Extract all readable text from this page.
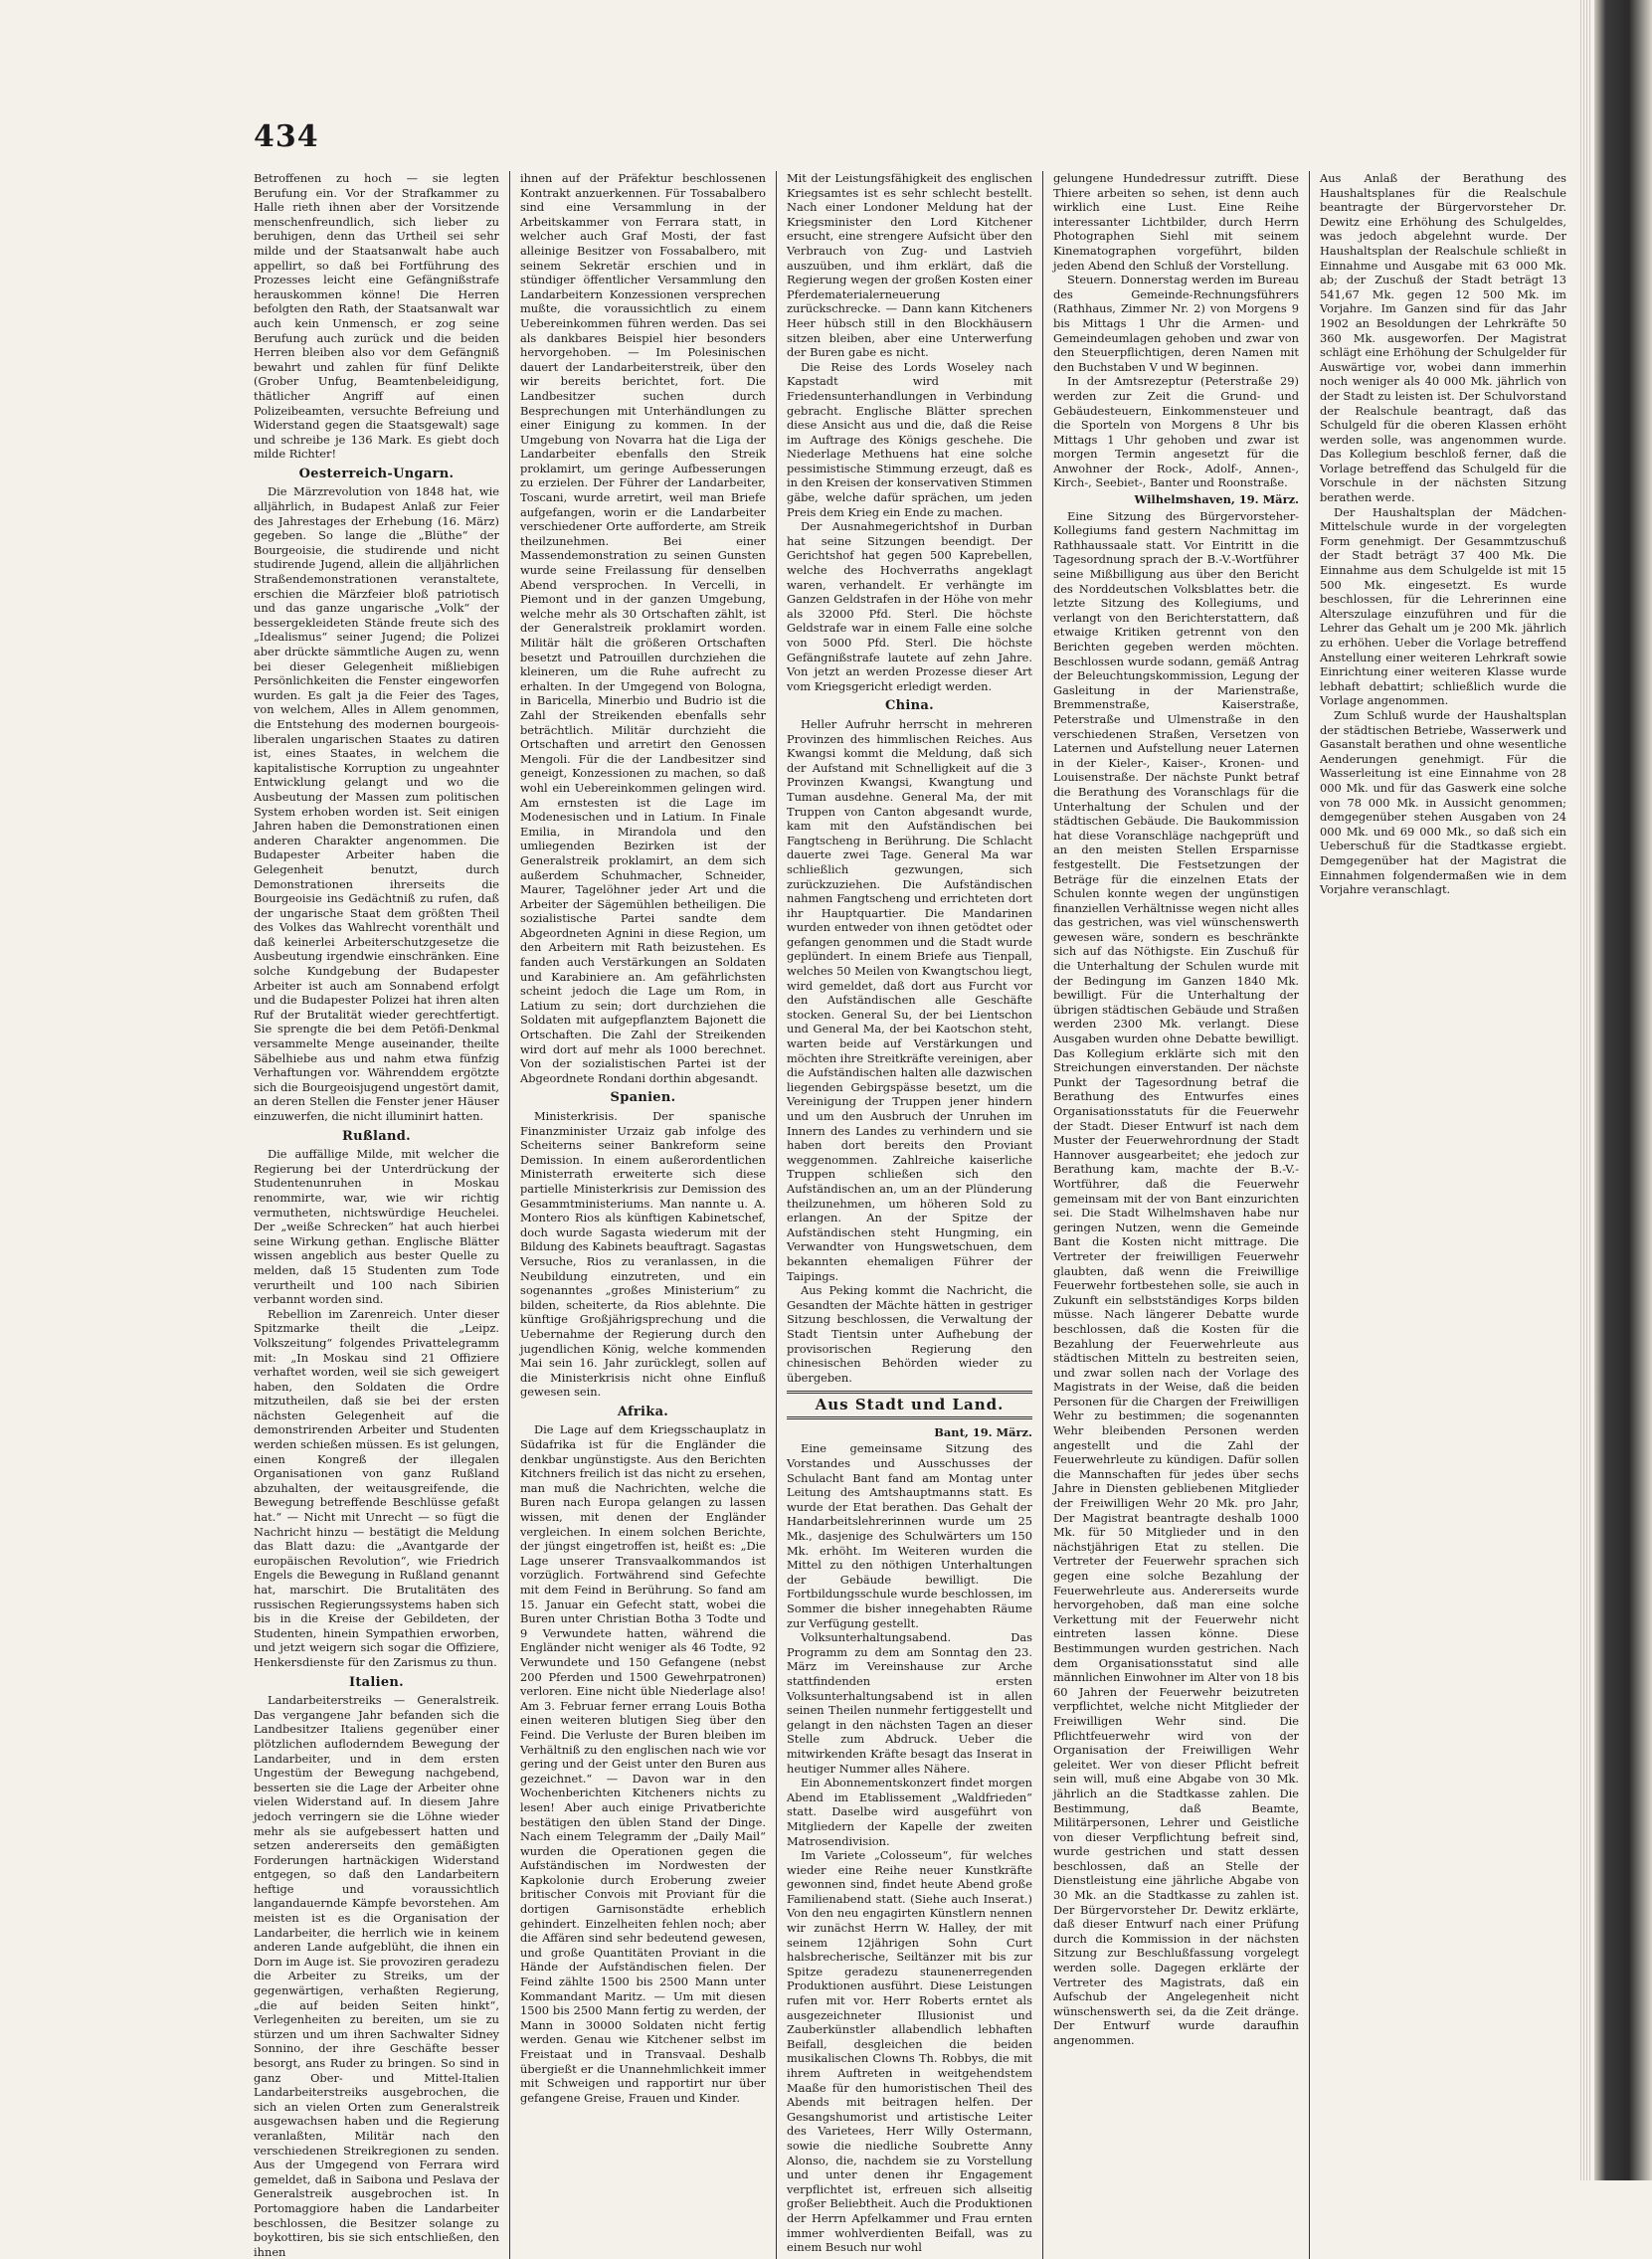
434

Betroffenen zu hoch — sie legten Berufung ein. Vor der Strafkammer zu Halle rieth ihnen aber der Vorsitzende menschenfreundlich, sich lieber zu beruhigen, denn das Urtheil sei sehr milde und der Staatsanwalt habe auch appellirt, so daß bei Fortführung des Prozesses leicht eine Gefängnißstrafe herauskommen könne! Die Herren befolgten den Rath, der Staatsanwalt war auch kein Unmensch, er zog seine Berufung auch zurück und die beiden Herren bleiben also vor dem Gefängniß bewahrt und zahlen für fünf Delikte (Grober Unfug, Beamtenbeleidigung, thätlicher Angriff auf einen Polizeibeamten, versuchte Befreiung und Widerstand gegen die Staatsgewalt) sage und schreibe je 136 Mark. Es giebt doch milde Richter!

Oesterreich-Ungarn.

Die Märzrevolution von 1848 hat, wie alljährlich, in Budapest Anlaß zur Feier des Jahrestages der Erhebung (16. März) gegeben. So lange die „Blüthe“ der Bourgeoisie, die studirende und nicht studirende Jugend, allein die alljährlichen Straßendemonstrationen veranstaltete, erschien die Märzfeier bloß patriotisch und das ganze ungarische „Volk“ der bessergekleideten Stände freute sich des „Idealismus“ seiner Jugend; die Polizei aber drückte sämmtliche Augen zu, wenn bei dieser Gelegenheit mißliebigen Persönlichkeiten die Fenster eingeworfen wurden. Es galt ja die Feier des Tages, von welchem, Alles in Allem genommen, die Entstehung des modernen bourgeois-liberalen ungarischen Staates zu datiren ist, eines Staates, in welchem die kapitalistische Korruption zu ungeahnter Entwicklung gelangt und wo die Ausbeutung der Massen zum politischen System erhoben worden ist. Seit einigen Jahren haben die Demonstrationen einen anderen Charakter angenommen. Die Budapester Arbeiter haben die Gelegenheit benutzt, durch Demonstrationen ihrerseits die Bourgeoisie ins Gedächtniß zu rufen, daß der ungarische Staat dem größten Theil des Volkes das Wahlrecht vorenthält und daß keinerlei Arbeiterschutzgesetze die Ausbeutung irgendwie einschränken. Eine solche Kundgebung der Budapester Arbeiter ist auch am Sonnabend erfolgt und die Budapester Polizei hat ihren alten Ruf der Brutalität wieder gerechtfertigt. Sie sprengte die bei dem Petöfi-Denkmal versammelte Menge auseinander, theilte Säbelhiebe aus und nahm etwa fünfzig Verhaftungen vor. Währenddem ergötzte sich die Bourgeoisjugend ungestört damit, an deren Stellen die Fenster jener Häuser einzuwerfen, die nicht illuminirt hatten.

Rußland.

Die auffällige Milde, mit welcher die Regierung bei der Unterdrückung der Studentenunruhen in Moskau renommirte, war, wie wir richtig vermutheten, nichtswürdige Heuchelei. Der „weiße Schrecken“ hat auch hierbei seine Wirkung gethan. Englische Blätter wissen angeblich aus bester Quelle zu melden, daß 15 Studenten zum Tode verurtheilt und 100 nach Sibirien verbannt worden sind.

Rebellion im Zarenreich. Unter dieser Spitzmarke theilt die „Leipz. Volkszeitung“ folgendes Privattelegramm mit: „In Moskau sind 21 Offiziere verhaftet worden, weil sie sich geweigert haben, den Soldaten die Ordre mitzutheilen, daß sie bei der ersten nächsten Gelegenheit auf die demonstrirenden Arbeiter und Studenten werden schießen müssen. Es ist gelungen, einen Kongreß der illegalen Organisationen von ganz Rußland abzuhalten, der weitausgreifende, die Bewegung betreffende Beschlüsse gefaßt hat.“ — Nicht mit Unrecht — so fügt die Nachricht hinzu — bestätigt die Meldung das Blatt dazu: die „Avantgarde der europäischen Revolution“, wie Friedrich Engels die Bewegung in Rußland genannt hat, marschirt. Die Brutalitäten des russischen Regierungssystems haben sich bis in die Kreise der Gebildeten, der Studenten, hinein Sympathien erworben, und jetzt weigern sich sogar die Offiziere, Henkersdienste für den Zarismus zu thun.

Italien.

Landarbeiterstreiks — Generalstreik. Das vergangene Jahr befanden sich die Landbesitzer Italiens gegenüber einer plötzlichen aufloderndem Bewegung der Landarbeiter, und in dem ersten Ungestüm der Bewegung nachgebend, besserten sie die Lage der Arbeiter ohne vielen Widerstand auf. In diesem Jahre jedoch verringern sie die Löhne wieder mehr als sie aufgebessert hatten und setzen andererseits den gemäßigten Forderungen hartnäckigen Widerstand entgegen, so daß den Landarbeitern heftige und voraussichtlich langandauernde Kämpfe bevorstehen. Am meisten ist es die Organisation der Landarbeiter, die herrlich wie in keinem anderen Lande aufgeblüht, die ihnen ein Dorn im Auge ist. Sie provoziren geradezu die Arbeiter zu Streiks, um der gegenwärtigen, verhaßten Regierung, „die auf beiden Seiten hinkt“, Verlegenheiten zu bereiten, um sie zu stürzen und um ihren Sachwalter Sidney Sonnino, der ihre Geschäfte besser besorgt, ans Ruder zu bringen. So sind in ganz Ober- und Mittel-Italien Landarbeiterstreiks ausgebrochen, die sich an vielen Orten zum Generalstreik ausgewachsen haben und die Regierung veranlaßten, Militär nach den verschiedenen Streikregionen zu senden. Aus der Umgegend von Ferrara wird gemeldet, daß in Saibona und Peslava der Generalstreik ausgebrochen ist. In Portomaggiore haben die Landarbeiter beschlossen, die Besitzer solange zu boykottiren, bis sie sich entschließen, den ihnen

ihnen auf der Präfektur beschlossenen Kontrakt anzuerkennen. Für Tossabalbero sind eine Versammlung in der Arbeitskammer von Ferrara statt, in welcher auch Graf Mosti, der fast alleinige Besitzer von Fossabalbero, mit seinem Sekretär erschien und in stündiger öffentlicher Versammlung den Landarbeitern Konzessionen versprechen mußte, die voraussichtlich zu einem Uebereinkommen führen werden. Das sei als dankbares Beispiel hier besonders hervorgehoben. — Im Polesinischen dauert der Landarbeiterstreik, über den wir bereits berichtet, fort. Die Landbesitzer suchen durch Besprechungen mit Unterhändlungen zu einer Einigung zu kommen. In der Umgebung von Novarra hat die Liga der Landarbeiter ebenfalls den Streik proklamirt, um geringe Aufbesserungen zu erzielen. Der Führer der Landarbeiter, Toscani, wurde arretirt, weil man Briefe aufgefangen, worin er die Landarbeiter verschiedener Orte aufforderte, am Streik theilzunehmen. Bei einer Massendemonstration zu seinen Gunsten wurde seine Freilassung für denselben Abend versprochen. In Vercelli, in Piemont und in der ganzen Umgebung, welche mehr als 30 Ortschaften zählt, ist der Generalstreik proklamirt worden. Militär hält die größeren Ortschaften besetzt und Patrouillen durchziehen die kleineren, um die Ruhe aufrecht zu erhalten. In der Umgegend von Bologna, in Baricella, Minerbio und Budrio ist die Zahl der Streikenden ebenfalls sehr beträchtlich. Militär durchzieht die Ortschaften und arretirt den Genossen Mengoli. Für die der Landbesitzer sind geneigt, Konzessionen zu machen, so daß wohl ein Uebereinkommen gelingen wird. Am ernstesten ist die Lage im Modenesischen und in Latium. In Finale Emilia, in Mirandola und den umliegenden Bezirken ist der Generalstreik proklamirt, an dem sich außerdem Schuhmacher, Schneider, Maurer, Tagelöhner jeder Art und die Arbeiter der Sägemühlen betheiligen. Die sozialistische Partei sandte dem Abgeordneten Agnini in diese Region, um den Arbeitern mit Rath beizustehen. Es fanden auch Verstärkungen an Soldaten und Karabiniere an. Am gefährlichsten scheint jedoch die Lage um Rom, in Latium zu sein; dort durchziehen die Soldaten mit aufgepflanztem Bajonett die Ortschaften. Die Zahl der Streikenden wird dort auf mehr als 1000 berechnet. Von der sozialistischen Partei ist der Abgeordnete Rondani dorthin abgesandt.

Spanien.

Ministerkrisis. Der spanische Finanzminister Urzaiz gab infolge des Scheiterns seiner Bankreform seine Demission. In einem außerordentlichen Ministerrath erweiterte sich diese partielle Ministerkrisis zur Demission des Gesammtministeriums. Man nannte u. A. Montero Rios als künftigen Kabinetschef, doch wurde Sagasta wiederum mit der Bildung des Kabinets beauftragt. Sagastas Versuche, Rios zu veranlassen, in die Neubildung einzutreten, und ein sogenanntes „großes Ministerium“ zu bilden, scheiterte, da Rios ablehnte. Die künftige Großjährigsprechung und die Uebernahme der Regierung durch den jugendlichen König, welche kommenden Mai sein 16. Jahr zurücklegt, sollen auf die Ministerkrisis nicht ohne Einfluß gewesen sein.

Afrika.

Die Lage auf dem Kriegsschauplatz in Südafrika ist für die Engländer die denkbar ungünstigste. Aus den Berichten Kitchners freilich ist das nicht zu ersehen, man muß die Nachrichten, welche die Buren nach Europa gelangen zu lassen wissen, mit denen der Engländer vergleichen. In einem solchen Berichte, der jüngst eingetroffen ist, heißt es: „Die Lage unserer Transvaalkommandos ist vorzüglich. Fortwährend sind Gefechte mit dem Feind in Berührung. So fand am 15. Januar ein Gefecht statt, wobei die Buren unter Christian Botha 3 Todte und 9 Verwundete hatten, während die Engländer nicht weniger als 46 Todte, 92 Verwundete und 150 Gefangene (nebst 200 Pferden und 1500 Gewehrpatronen) verloren. Eine nicht üble Niederlage also! Am 3. Februar ferner errang Louis Botha einen weiteren blutigen Sieg über den Feind. Die Verluste der Buren bleiben im Verhältniß zu den englischen nach wie vor gering und der Geist unter den Buren aus gezeichnet.“ — Davon war in den Wochenberichten Kitcheners nichts zu lesen! Aber auch einige Privatberichte bestätigen den üblen Stand der Dinge. Nach einem Telegramm der „Daily Mail“ wurden die Operationen gegen die Aufständischen im Nordwesten der Kapkolonie durch Eroberung zweier britischer Convois mit Proviant für die dortigen Garnisonstädte erheblich gehindert. Einzelheiten fehlen noch; aber die Affären sind sehr bedeutend gewesen, und große Quantitäten Proviant in die Hände der Aufständischen fielen. Der Feind zählte 1500 bis 2500 Mann unter Kommandant Maritz. — Um mit diesen 1500 bis 2500 Mann fertig zu werden, der Mann in 30000 Soldaten nicht fertig werden. Genau wie Kitchener selbst im Freistaat und in Transvaal. Deshalb übergießt er die Unannehmlichkeit immer mit Schweigen und rapportirt nur über gefangene Greise, Frauen und Kinder.

Mit der Leistungsfähigkeit des englischen Kriegsamtes ist es sehr schlecht bestellt. Nach einer Londoner Meldung hat der Kriegsminister den Lord Kitchener ersucht, eine strengere Aufsicht über den Verbrauch von Zug- und Lastvieh auszuüben, und ihm erklärt, daß die Regierung wegen der großen Kosten einer Pferdematerialerneuerung zurückschrecke. — Dann kann Kitcheners Heer hübsch still in den Blockhäusern sitzen bleiben, aber eine Unterwerfung der Buren gabe es nicht.

Die Reise des Lords Woseley nach Kapstadt wird mit Friedensunterhandlungen in Verbindung gebracht. Englische Blätter sprechen diese Ansicht aus und die, daß die Reise im Auftrage des Königs geschehe. Die Niederlage Methuens hat eine solche pessimistische Stimmung erzeugt, daß es in den Kreisen der konservativen Stimmen gäbe, welche dafür sprächen, um jeden Preis dem Krieg ein Ende zu machen.

Der Ausnahmegerichtshof in Durban hat seine Sitzungen beendigt. Der Gerichtshof hat gegen 500 Kaprebellen, welche des Hochverraths angeklagt waren, verhandelt. Er verhängte im Ganzen Geldstrafen in der Höhe von mehr als 32000 Pfd. Sterl. Die höchste Geldstrafe war in einem Falle eine solche von 5000 Pfd. Sterl. Die höchste Gefängnißstrafe lautete auf zehn Jahre. Von jetzt an werden Prozesse dieser Art vom Kriegsgericht erledigt werden.

China.

Heller Aufruhr herrscht in mehreren Provinzen des himmlischen Reiches. Aus Kwangsi kommt die Meldung, daß sich der Aufstand mit Schnelligkeit auf die 3 Provinzen Kwangsi, Kwangtung und Tuman ausdehne. General Ma, der mit Truppen von Canton abgesandt wurde, kam mit den Aufständischen bei Fangtscheng in Berührung. Die Schlacht dauerte zwei Tage. General Ma war schließlich gezwungen, sich zurückzuziehen. Die Aufständischen nahmen Fangtscheng und errichteten dort ihr Hauptquartier. Die Mandarinen wurden entweder von ihnen getödtet oder gefangen genommen und die Stadt wurde geplündert. In einem Briefe aus Tienpall, welches 50 Meilen von Kwangtschou liegt, wird gemeldet, daß dort aus Furcht vor den Aufständischen alle Geschäfte stocken. General Su, der bei Lientschon und General Ma, der bei Kaotschon steht, warten beide auf Verstärkungen und möchten ihre Streitkräfte vereinigen, aber die Aufständischen halten alle dazwischen liegenden Gebirgspässe besetzt, um die Vereinigung der Truppen jener hindern und um den Ausbruch der Unruhen im Innern des Landes zu verhindern und sie haben dort bereits den Proviant weggenommen. Zahlreiche kaiserliche Truppen schließen sich den Aufständischen an, um an der Plünderung theilzunehmen, um höheren Sold zu erlangen. An der Spitze der Aufständischen steht Hungming, ein Verwandter von Hungswetschuen, dem bekannten ehemaligen Führer der Taipings.

Aus Peking kommt die Nachricht, die Gesandten der Mächte hätten in gestriger Sitzung beschlossen, die Verwaltung der Stadt Tientsin unter Aufhebung der provisorischen Regierung den chinesischen Behörden wieder zu übergeben.

Aus Stadt und Land.
Bant, 19. März.

Eine gemeinsame Sitzung des Vorstandes und Ausschusses der Schulacht Bant fand am Montag unter Leitung des Amtshauptmanns statt. Es wurde der Etat berathen. Das Gehalt der Handarbeitslehrerinnen wurde um 25 Mk., dasjenige des Schulwärters um 150 Mk. erhöht. Im Weiteren wurden die Mittel zu den nöthigen Unterhaltungen der Gebäude bewilligt. Die Fortbildungsschule wurde beschlossen, im Sommer die bisher innegehabten Räume zur Verfügung gestellt.

Volksunterhaltungsabend. Das Programm zu dem am Sonntag den 23. März im Vereinshause zur Arche stattfindenden ersten Volksunterhaltungsabend ist in allen seinen Theilen nunmehr fertiggestellt und gelangt in den nächsten Tagen an dieser Stelle zum Abdruck. Ueber die mitwirkenden Kräfte besagt das Inserat in heutiger Nummer alles Nähere.

Ein Abonnementskonzert findet morgen Abend im Etablissement „Waldfrieden“ statt. Daselbe wird ausgeführt von Mitgliedern der Kapelle der zweiten Matrosendivision.

Im Variete „Colosseum“, für welches wieder eine Reihe neuer Kunstkräfte gewonnen sind, findet heute Abend große Familienabend statt. (Siehe auch Inserat.) Von den neu engagirten Künstlern nennen wir zunächst Herrn W. Halley, der mit seinem 12jährigen Sohn Curt halsbrecherische, Seiltänzer mit bis zur Spitze geradezu staunenerregenden Produktionen ausführt. Diese Leistungen rufen mit vor. Herr Roberts erntet als ausgezeichneter Illusionist und Zauberkünstler allabendlich lebhaften Beifall, desgleichen die beiden musikalischen Clowns Th. Robbys, die mit ihrem Auftreten in weitgehendstem Maaße für den humoristischen Theil des Abends mit beitragen helfen. Der Gesangshumorist und artistische Leiter des Varietees, Herr Willy Ostermann, sowie die niedliche Soubrette Anny Alonso, die, nachdem sie zu Vorstellung und unter denen ihr Engagement verpflichtet ist, erfreuen sich allseitig großer Beliebtheit. Auch die Produktionen der Herrn Apfelkammer und Frau ernten immer wohlverdienten Beifall, was zu einem Besuch nur wohl

gelungene Hundedressur zutrifft. Diese Thiere arbeiten so sehen, ist denn auch wirklich eine Lust. Eine Reihe interessanter Lichtbilder, durch Herrn Photographen Siehl mit seinem Kinematographen vorgeführt, bilden jeden Abend den Schluß der Vorstellung.

Steuern. Donnerstag werden im Bureau des Gemeinde-Rechnungsführers (Rathhaus, Zimmer Nr. 2) von Morgens 9 bis Mittags 1 Uhr die Armen- und Gemeindeumlagen gehoben und zwar von den Steuerpflichtigen, deren Namen mit den Buchstaben V und W beginnen.

In der Amtsrezeptur (Peterstraße 29) werden zur Zeit die Grund- und Gebäudesteuern, Einkommensteuer und die Sporteln von Morgens 8 Uhr bis Mittags 1 Uhr gehoben und zwar ist morgen Termin angesetzt für die Anwohner der Rock-, Adolf-, Annen-, Kirch-, Seebiet-, Banter und Roonstraße.

Wilhelmshaven, 19. März.

Eine Sitzung des Bürgervorsteher-Kollegiums fand gestern Nachmittag im Rathhaussaale statt. Vor Eintritt in die Tagesordnung sprach der B.-V.-Wortführer seine Mißbilligung aus über den Bericht des Norddeutschen Volksblattes betr. die letzte Sitzung des Kollegiums, und verlangt von den Berichterstattern, daß etwaige Kritiken getrennt von den Berichten gegeben werden möchten. Beschlossen wurde sodann, gemäß Antrag der Beleuchtungskommission, Legung der Gasleitung in der Marienstraße, Bremmenstraße, Kaiserstraße, Peterstraße und Ulmenstraße in den verschiedenen Straßen, Versetzen von Laternen und Aufstellung neuer Laternen in der Kieler-, Kaiser-, Kronen- und Louisenstraße. Der nächste Punkt betraf die Berathung des Voranschlags für die Unterhaltung der Schulen und der städtischen Gebäude. Die Baukommission hat diese Voranschläge nachgeprüft und an den meisten Stellen Ersparnisse festgestellt. Die Festsetzungen der Beträge für die einzelnen Etats der Schulen konnte wegen der ungünstigen finanziellen Verhältnisse wegen nicht alles das gestrichen, was viel wünschenswerth gewesen wäre, sondern es beschränkte sich auf das Nöthigste. Ein Zuschuß für die Unterhaltung der Schulen wurde mit der Bedingung im Ganzen 1840 Mk. bewilligt. Für die Unterhaltung der übrigen städtischen Gebäude und Straßen werden 2300 Mk. verlangt. Diese Ausgaben wurden ohne Debatte bewilligt. Das Kollegium erklärte sich mit den Streichungen einverstanden. Der nächste Punkt der Tagesordnung betraf die Berathung des Entwurfes eines Organisationsstatuts für die Feuerwehr der Stadt. Dieser Entwurf ist nach dem Muster der Feuerwehrordnung der Stadt Hannover ausgearbeitet; ehe jedoch zur Berathung kam, machte der B.-V.-Wortführer, daß die Feuerwehr gemeinsam mit der von Bant einzurichten sei. Die Stadt Wilhelmshaven habe nur geringen Nutzen, wenn die Gemeinde Bant die Kosten nicht mittrage. Die Vertreter der freiwilligen Feuerwehr glaubten, daß wenn die Freiwillige Feuerwehr fortbestehen solle, sie auch in Zukunft ein selbstständiges Korps bilden müsse. Nach längerer Debatte wurde beschlossen, daß die Kosten für die Bezahlung der Feuerwehrleute aus städtischen Mitteln zu bestreiten seien, und zwar sollen nach der Vorlage des Magistrats in der Weise, daß die beiden Personen für die Chargen der Freiwilligen Wehr zu bestimmen; die sogenannten Wehr bleibenden Personen werden angestellt und die Zahl der Feuerwehrleute zu kündigen. Dafür sollen die Mannschaften für jedes über sechs Jahre in Diensten gebliebenen Mitglieder der Freiwilligen Wehr 20 Mk. pro Jahr, Der Magistrat beantragte deshalb 1000 Mk. für 50 Mitglieder und in den nächstjährigen Etat zu stellen. Die Vertreter der Feuerwehr sprachen sich gegen eine solche Bezahlung der Feuerwehrleute aus. Andererseits wurde hervorgehoben, daß man eine solche Verkettung mit der Feuerwehr nicht eintreten lassen könne. Diese Bestimmungen wurden gestrichen. Nach dem Organisationsstatut sind alle männlichen Einwohner im Alter von 18 bis 60 Jahren der Feuerwehr beizutreten verpflichtet, welche nicht Mitglieder der Freiwilligen Wehr sind. Die Pflichtfeuerwehr wird von der Organisation der Freiwilligen Wehr geleitet. Wer von dieser Pflicht befreit sein will, muß eine Abgabe von 30 Mk. jährlich an die Stadtkasse zahlen. Die Bestimmung, daß Beamte, Militärpersonen, Lehrer und Geistliche von dieser Verpflichtung befreit sind, wurde gestrichen und statt dessen beschlossen, daß an Stelle der Dienstleistung eine jährliche Abgabe von 30 Mk. an die Stadtkasse zu zahlen ist. Der Bürgervorsteher Dr. Dewitz erklärte, daß dieser Entwurf nach einer Prüfung durch die Kommission in der nächsten Sitzung zur Beschlußfassung vorgelegt werden solle. Dagegen erklärte der Vertreter des Magistrats, daß ein Aufschub der Angelegenheit nicht wünschenswerth sei, da die Zeit dränge. Der Entwurf wurde daraufhin angenommen.

Aus Anlaß der Berathung des Haushaltsplanes für die Realschule beantragte der Bürgervorsteher Dr. Dewitz eine Erhöhung des Schulgeldes, was jedoch abgelehnt wurde. Der Haushaltsplan der Realschule schließt in Einnahme und Ausgabe mit 63 000 Mk. ab; der Zuschuß der Stadt beträgt 13 541,67 Mk. gegen 12 500 Mk. im Vorjahre. Im Ganzen sind für das Jahr 1902 an Besoldungen der Lehrkräfte 50 360 Mk. ausgeworfen. Der Magistrat schlägt eine Erhöhung der Schulgelder für Auswärtige vor, wobei dann immerhin noch weniger als 40 000 Mk. jährlich von der Stadt zu leisten ist. Der Schulvorstand der Realschule beantragt, daß das Schulgeld für die oberen Klassen erhöht werden solle, was angenommen wurde. Das Kollegium beschloß ferner, daß die Vorlage betreffend das Schulgeld für die Vorschule in der nächsten Sitzung berathen werde.

Der Haushaltsplan der Mädchen-Mittelschule wurde in der vorgelegten Form genehmigt. Der Gesammtzuschuß der Stadt beträgt 37 400 Mk. Die Einnahme aus dem Schulgelde ist mit 15 500 Mk. eingesetzt. Es wurde beschlossen, für die Lehrerinnen eine Alterszulage einzuführen und für die Lehrer das Gehalt um je 200 Mk. jährlich zu erhöhen. Ueber die Vorlage betreffend Anstellung einer weiteren Lehrkraft sowie Einrichtung einer weiteren Klasse wurde lebhaft debattirt; schließlich wurde die Vorlage angenommen.

Zum Schluß wurde der Haushaltsplan der städtischen Betriebe, Wasserwerk und Gasanstalt berathen und ohne wesentliche Aenderungen genehmigt. Für die Wasserleitung ist eine Einnahme von 28 000 Mk. und für das Gaswerk eine solche von 78 000 Mk. in Aussicht genommen; demgegenüber stehen Ausgaben von 24 000 Mk. und 69 000 Mk., so daß sich ein Ueberschuß für die Stadtkasse ergiebt. Demgegenüber hat der Magistrat die Einnahmen folgendermaßen wie in dem Vorjahre veranschlagt.
